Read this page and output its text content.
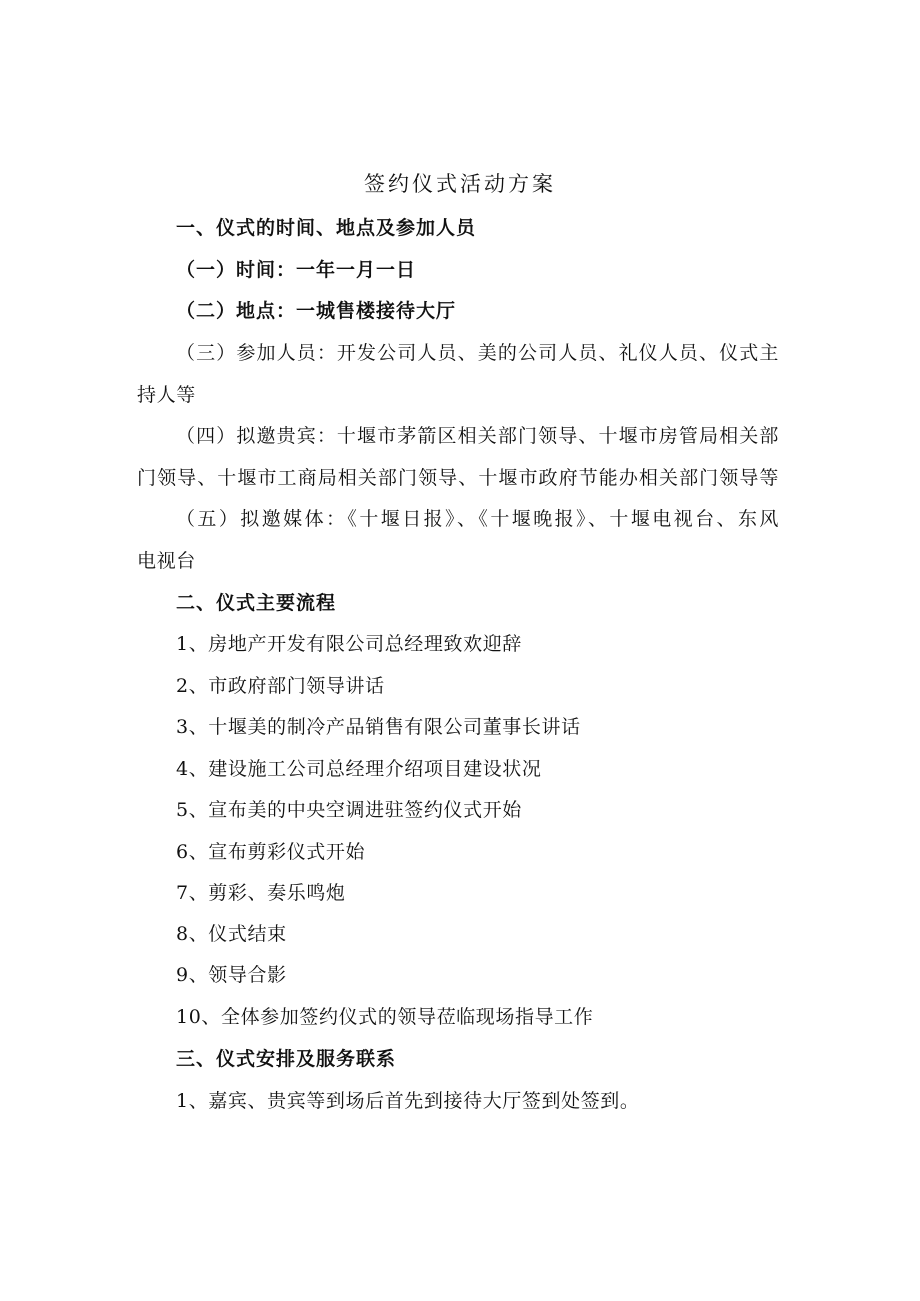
签约仪式活动方案
一、仪式的时间、地点及参加人员
（一）时间：一年一月一日
（二）地点：一城售楼接待大厅
（三）参加人员：开发公司人员、美的公司人员、礼仪人员、仪式主
持人等
（四）拟邀贵宾：十堰市茅箭区相关部门领导、十堰市房管局相关部
门领导、十堰市工商局相关部门领导、十堰市政府节能办相关部门领导等
（五）拟邀媒体：《十堰日报》、《十堰晚报》、十堰电视台、东风
电视台
二、仪式主要流程
1、房地产开发有限公司总经理致欢迎辞
2、市政府部门领导讲话
3、十堰美的制冷产品销售有限公司董事长讲话
4、建设施工公司总经理介绍项目建设状况
5、宣布美的中央空调进驻签约仪式开始
6、宣布剪彩仪式开始
7、剪彩、奏乐鸣炮
8、仪式结束
9、领导合影
10、全体参加签约仪式的领导莅临现场指导工作
三、仪式安排及服务联系
1、嘉宾、贵宾等到场后首先到接待大厅签到处签到。
